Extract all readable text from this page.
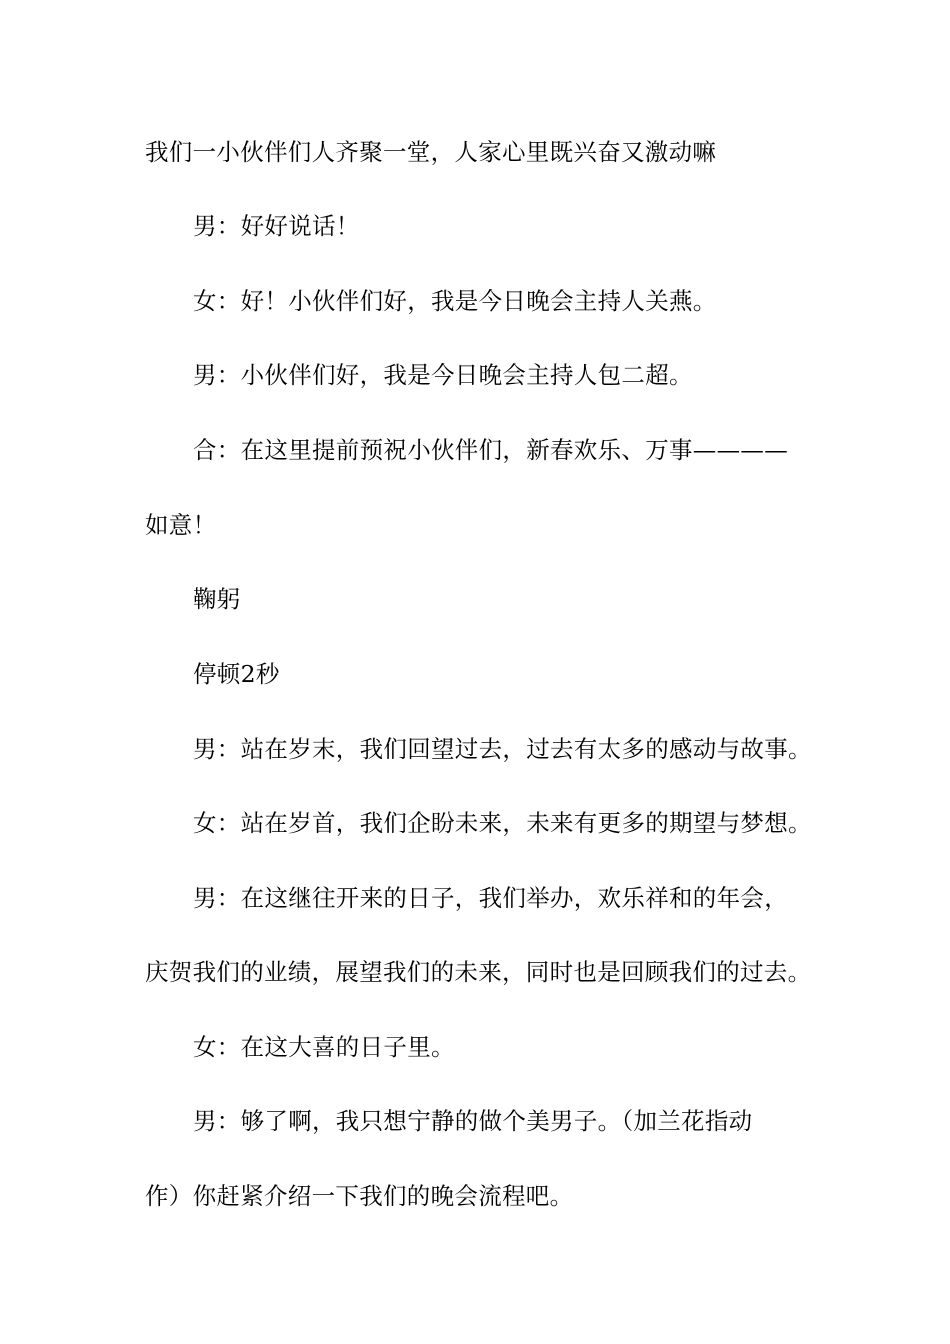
我们一小伙伴们人齐聚一堂，人家心里既兴奋又激动嘛
男：好好说话！
女：好！小伙伴们好，我是今日晚会主持人关燕。
男：小伙伴们好，我是今日晚会主持人包二超。
合：在这里提前预祝小伙伴们，新春欢乐、万事————
如意！
鞠躬
停顿2秒
男：站在岁末，我们回望过去，过去有太多的感动与故事。
女：站在岁首，我们企盼未来，未来有更多的期望与梦想。
男：在这继往开来的日子，我们举办，欢乐祥和的年会，
庆贺我们的业绩，展望我们的未来，同时也是回顾我们的过去。
女：在这大喜的日子里。
男：够了啊，我只想宁静的做个美男子。（加兰花指动
作）你赶紧介绍一下我们的晚会流程吧。
